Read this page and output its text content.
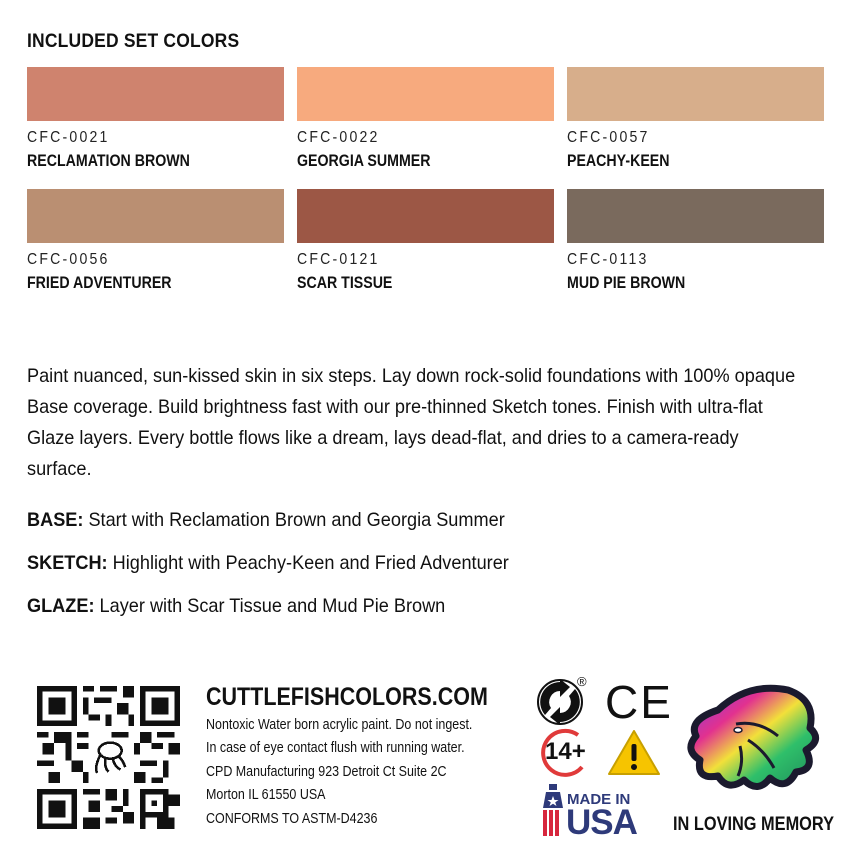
INCLUDED SET COLORS
CFC-0021
RECLAMATION BROWN
CFC-0022
GEORGIA SUMMER
CFC-0057
PEACHY-KEEN
CFC-0056
FRIED ADVENTURER
CFC-0121
SCAR TISSUE
CFC-0113
MUD PIE BROWN
Paint nuanced, sun-kissed skin in six steps. Lay down rock-solid foundations with 100% opaque Base coverage. Build brightness fast with our pre-thinned Sketch tones. Finish with ultra-flat Glaze layers. Every bottle flows like a dream, lays dead-flat, and dries to a camera-ready surface.
BASE: Start with Reclamation Brown and Georgia Summer
SKETCH: Highlight with Peachy-Keen and Fried Adventurer
GLAZE: Layer with Scar Tissue and Mud Pie Brown
CUTTLEFISHCOLORS.COM
Nontoxic Water born acrylic paint. Do not ingest.
In case of eye contact flush with running water.
CPD Manufacturing 923 Detroit Ct Suite 2C
Morton IL 61550 USA
CONFORMS TO ASTM-D4236
® CE
14+
MADE IN
USA IN LOVING MEMORY
